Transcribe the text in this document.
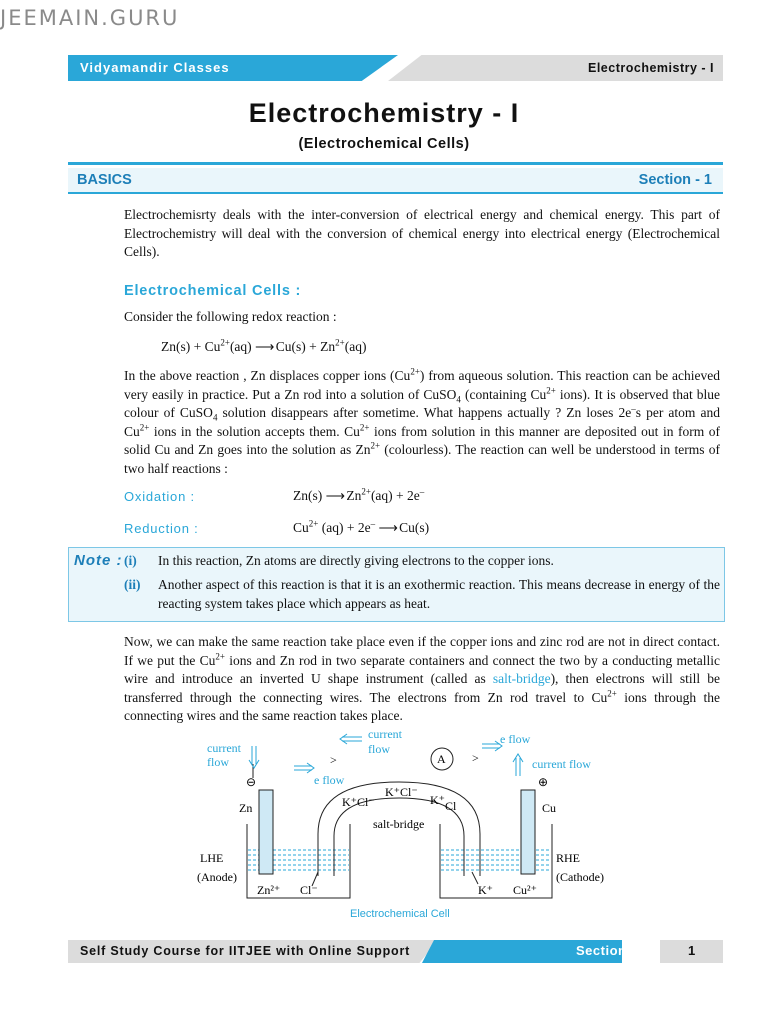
JEEMAIN.GURU
Vidyamandir Classes	Electrochemistry - I
Electrochemistry - I
(Electrochemical Cells)
BASICS	Section - 1
Electrochemisrty deals with the inter-conversion of electrical energy and chemical energy. This part of Electrochemistry will deal with the conversion of chemical energy into electrical energy (Electrochemical Cells).
Electrochemical Cells :
Consider the following redox reaction :
$Zn(s) + Cu^{2+}(aq)$ ⟶ $Cu(s) + Zn^{2+}(aq)$
In the above reaction , Zn displaces copper ions $(Cu^{2+})$ from aqueous solution. This reaction can be achieved very easily in practice. Put a Zn rod into a solution of CuSO$_4$ (containing $Cu^{2+}$ ions). It is observed that blue colour of CuSO$_4$ solution disappears after sometime. What happens actually ? Zn loses 2e–s per atom and $Cu^{2+}$ ions in the solution accepts them. $Cu^{2+}$ ions from solution in this manner are deposited out in form of solid Cu and Zn goes into the solution as $Zn^{2+}$ (colourless). The reaction can well be understood in terms of two half reactions :
Oxidation :	Zn(s) ⟶ $Zn^{2+}(aq) + 2e^-$
Reduction :	$Cu^{2+}$ (aq) + 2e– ⟶ Cu(s)
Note : (i) In this reaction, Zn atoms are directly giving electrons to the copper ions.
(ii) Another aspect of this reaction is that it is an exothermic reaction. This means decrease in energy of the reacting system takes place which appears as heat.
Now, we can make the same reaction take place even if the copper ions and zinc rod are not in direct contact. If we put the $Cu^{2+}$ ions and Zn rod in two separate containers and connect the two by a conducting metallic wire and introduce an inverted U shape instrument (called as salt-bridge), then electrons will still be transferred through the connecting wires. The electrons from Zn rod travel to $Cu^{2+}$ ions through the connecting wires and the same reaction takes place.
current
flow
⊖
current
flow
>	A >
e flow
current flow
⊕
e flow
Zn	Cu
salt-bridge
K⁺Cl⁻
K⁺Cl⁻
K⁺ Cl
LHE
(Anode)
RHE
(Cathode)
Zn²⁺ Cl⁻	K⁺ Cu²⁺
Electrochemical Cell
Self Study Course for IITJEE with Online Support	Section 1	1
